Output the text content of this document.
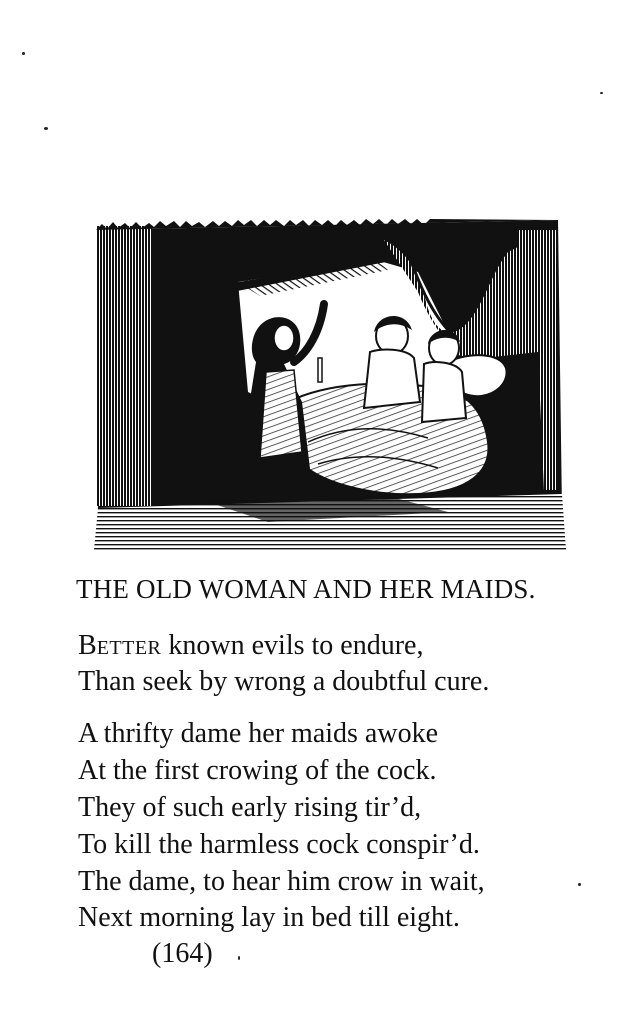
THE OLD WOMAN AND HER MAIDS.
BETTER known evils to endure,
Than seek by wrong a doubtful cure.
A thrifty dame her maids awoke
At the first crowing of the cock.
They of such early rising tir’d,
To kill the harmless cock conspir’d.
The dame, to hear him crow in wait,
Next morning lay in bed till eight.
(164)
